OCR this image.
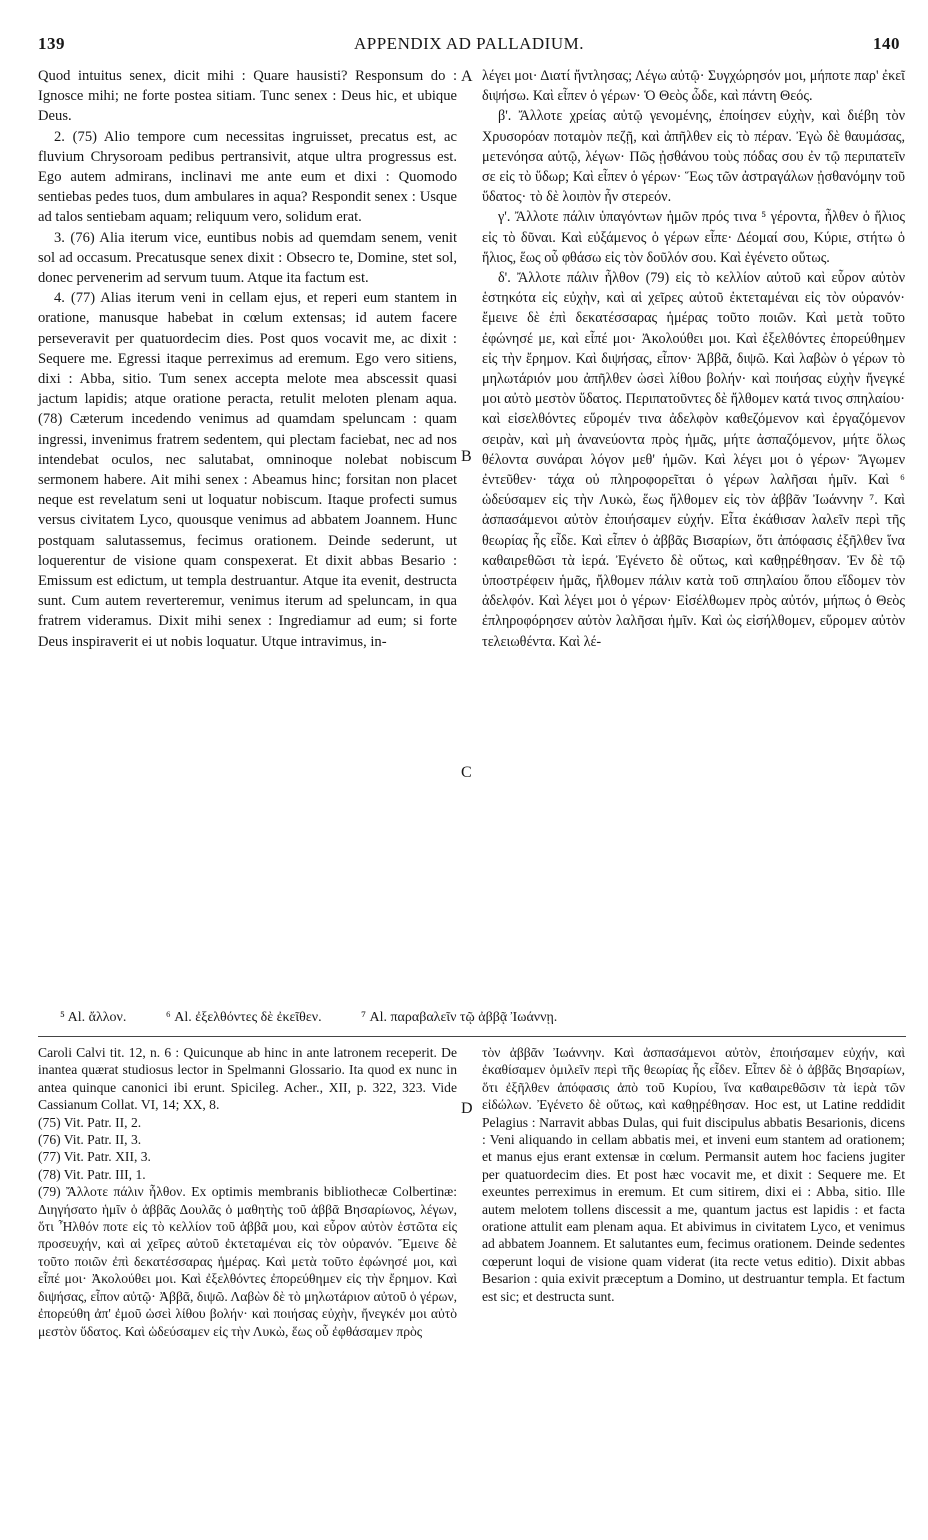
139	APPENDIX AD PALLADIUM.	140

Quod intuitus senex, dicit mihi : Quare hausisti? Responsum do : Ignosce mihi; ne forte postea sitiam. Tunc senex : Deus hic, et ubique Deus.

2. (75) Alio tempore cum necessitas ingruisset, precatus est, ac fluvium Chrysoroam pedibus pertransivit, atque ultra progressus est. Ego autem admirans, inclinavi me ante eum et dixi : Quomodo sentiebas pedes tuos, dum ambulares in aqua? Respondit senex : Usque ad talos sentiebam aquam; reliquum vero, solidum erat.

3. (76) Alia iterum vice, euntibus nobis ad quemdam senem, venit sol ad occasum. Precatusque senex dixit : Obsecro te, Domine, stet sol, donec pervenerim ad servum tuum. Atque ita factum est.

4. (77) Alias iterum veni in cellam ejus, et reperi eum stantem in oratione, manusque habebat in cœlum extensas; id autem facere perseveravit per quatuordecim dies. Post quos vocavit me, ac dixit : Sequere me. Egressi itaque perreximus ad eremum. Ego vero sitiens, dixi : Abba, sitio. Tum senex accepta melote mea abscessit quasi jactum lapidis; atque oratione peracta, retulit meloten plenam aqua. (78) Cæterum incedendo venimus ad quamdam speluncam : quam ingressi, invenimus fratrem sedentem, qui plectam faciebat, nec ad nos intendebat oculos, nec salutabat, omninoque nolebat nobiscum sermonem habere. Ait mihi senex : Abeamus hinc; forsitan non placet neque est revelatum seni ut loquatur nobiscum. Itaque profecti sumus versus civitatem Lyco, quousque venimus ad abbatem Joannem. Hunc postquam salutassemus, fecimus orationem. Deinde sederunt, ut loquerentur de visione quam conspexerat. Et dixit abbas Besario : Emissum est edictum, ut templa destruantur. Atque ita evenit, destructa sunt. Cum autem reverteremur, venimus iterum ad speluncam, in qua fratrem videramus. Dixit mihi senex : Ingrediamur ad eum; si forte Deus inspiraverit ei ut nobis loquatur. Utque intravimus, in-

A
B
C
D

λέγει μοι· Διατί ἤντλησας; Λέγω αὐτῷ· Συγχώρησόν μοι, μήποτε παρ' ἐκεῖ διψήσω. Καὶ εἶπεν ὁ γέρων· Ὁ Θεὸς ὧδε, καὶ πάντη Θεός.

β'. Ἄλλοτε χρείας αὐτῷ γενομένης, ἐποίησεν εὐχὴν, καὶ διέβη τὸν Χρυσορόαν ποταμὸν πεζῇ, καὶ ἀπῆλθεν εἰς τὸ πέραν. Ἐγὼ δὲ θαυμάσας, μετενόησα αὐτῷ, λέγων· Πῶς ᾐσθάνου τοὺς πόδας σου ἐν τῷ περιπατεῖν σε εἰς τὸ ὕδωρ; Καὶ εἶπεν ὁ γέρων· Ἕως τῶν ἀστραγάλων ᾐσθανόμην τοῦ ὕδατος· τὸ δὲ λοιπὸν ἦν στερεόν.

γ'. Ἄλλοτε πάλιν ὑπαγόντων ἡμῶν πρός τινα ⁵ γέροντα, ἦλθεν ὁ ἥλιος εἰς τὸ δῦναι. Καὶ εὐξάμενος ὁ γέρων εἶπε· Δέομαί σου, Κύριε, στήτω ὁ ἥλιος, ἕως οὗ φθάσω εἰς τὸν δοῦλόν σου. Καὶ ἐγένετο οὕτως.

δ'. Ἄλλοτε πάλιν ἦλθον (79) εἰς τὸ κελλίον αὐτοῦ καὶ εὗρον αὐτὸν ἑστηκότα εἰς εὐχὴν, καὶ αἱ χεῖρες αὐτοῦ ἐκτεταμέναι εἰς τὸν οὐρανόν· ἔμεινε δὲ ἐπὶ δεκατέσσαρας ἡμέρας τοῦτο ποιῶν. Καὶ μετὰ τοῦτο ἐφώνησέ με, καὶ εἶπέ μοι· Ἀκολούθει μοι. Καὶ ἐξελθόντες ἐπορεύθημεν εἰς τὴν ἔρημον. Καὶ διψήσας, εἶπον· Ἀββᾶ, διψῶ. Καὶ λαβὼν ὁ γέρων τὸ μηλωτάριόν μου ἀπῆλθεν ὡσεὶ λίθου βολήν· καὶ ποιήσας εὐχὴν ἤνεγκέ μοι αὐτὸ μεστὸν ὕδατος. Περιπατοῦντες δὲ ἤλθομεν κατά τινος σπηλαίου· καὶ εἰσελθόντες εὕρομέν τινα ἀδελφὸν καθεζόμενον καὶ ἐργαζόμενον σειρὰν, καὶ μὴ ἀνανεύοντα πρὸς ἡμᾶς, μήτε ἀσπαζόμενον, μήτε ὅλως θέλοντα συνάραι λόγον μεθ' ἡμῶν. Καὶ λέγει μοι ὁ γέρων· Ἄγωμεν ἐντεῦθεν· τάχα οὐ πληροφορεῖται ὁ γέρων λαλῆσαι ἡμῖν. Καὶ ⁶ ὡδεύσαμεν εἰς τὴν Λυκὼ, ἕως ἤλθομεν εἰς τὸν ἀββᾶν Ἰωάννην ⁷. Καὶ ἀσπασάμενοι αὐτὸν ἐποιήσαμεν εὐχήν. Εἶτα ἐκάθισαν λαλεῖν περὶ τῆς θεωρίας ἧς εἶδε. Καὶ εἶπεν ὁ ἀββᾶς Βισαρίων, ὅτι ἀπόφασις ἐξῆλθεν ἵνα καθαιρεθῶσι τὰ ἱερά. Ἐγένετο δὲ οὕτως, καὶ καθῃρέθησαν. Ἐν δὲ τῷ ὑποστρέφειν ἡμᾶς, ἤλθομεν πάλιν κατὰ τοῦ σπηλαίου ὅπου εἴδομεν τὸν ἀδελφόν. Καὶ λέγει μοι ὁ γέρων· Εἰσέλθωμεν πρὸς αὐτόν, μήπως ὁ Θεὸς ἐπληροφόρησεν αὐτὸν λαλῆσαι ἡμῖν. Καὶ ὡς εἰσήλθομεν, εὕρομεν αὐτὸν τελειωθέντα. Καὶ λέ-

⁵ Al. ἄλλον.	⁶ Al. ἐξελθόντες δὲ ἐκεῖθεν.	⁷ Al. παραβαλεῖν τῷ ἀββᾷ Ἰωάννῃ.

Caroli Calvi tit. 12, n. 6 : Quicunque ab hinc in ante latronem receperit. De inantea quærat studiosus lector in Spelmanni Glossario. Ita quod ex nunc in antea quinque canonici ibi erunt. Spicileg. Acher., XII, p. 322, 323. Vide Cassianum Collat. VI, 14; XX, 8.

(75) Vit. Patr. II, 2.

(76) Vit. Patr. II, 3.

(77) Vit. Patr. XII, 3.

(78) Vit. Patr. III, 1.

(79) Ἄλλοτε πάλιν ἦλθον. Ex optimis membranis bibliothecæ Colbertinæ: Διηγήσατο ἡμῖν ὁ ἀββᾶς Δουλᾶς ὁ μαθητὴς τοῦ ἀββᾶ Βησαρίωνος, λέγων, ὅτι Ἦλθόν ποτε εἰς τὸ κελλίον τοῦ ἀββᾶ μου, καὶ εὗρον αὐτὸν ἑστῶτα εἰς προσευχήν, καὶ αἱ χεῖρες αὐτοῦ ἐκτεταμέναι εἰς τὸν οὐρανόν. Ἔμεινε δὲ τοῦτο ποιῶν ἐπὶ δεκατέσσαρας ἡμέρας. Καὶ μετὰ τοῦτο ἐφώνησέ μοι, καὶ εἶπέ μοι· Ἀκολούθει μοι. Καὶ ἐξελθόντες ἐπορεύθημεν εἰς τὴν ἔρημον. Καὶ διψήσας, εἶπον αὐτῷ· Ἀββᾶ, διψῶ. Λαβὼν δὲ τὸ μηλωτάριον αὐτοῦ ὁ γέρων, ἐπορεύθη ἀπ' ἐμοῦ ὡσεὶ λίθου βολήν· καὶ ποιήσας εὐχὴν, ἤνεγκέν μοι αὐτὸ μεστὸν ὕδατος. Καὶ ὡδεύσαμεν εἰς τὴν Λυκὼ, ἕως οὗ ἐφθάσαμεν πρὸς

τὸν ἀββᾶν Ἰωάννην. Καὶ ἀσπασάμενοι αὐτὸν, ἐποιήσαμεν εὐχήν, καὶ ἐκαθίσαμεν ὁμιλεῖν περὶ τῆς θεωρίας ἧς εἶδεν. Εἶπεν δὲ ὁ ἀββᾶς Βησαρίων, ὅτι ἐξῆλθεν ἀπόφασις ἀπὸ τοῦ Κυρίου, ἵνα καθαιρεθῶσιν τὰ ἱερὰ τῶν εἰδώλων. Ἐγένετο δὲ οὕτως, καὶ καθῃρέθησαν. Hoc est, ut Latine reddidit Pelagius : Narravit abbas Dulas, qui fuit discipulus abbatis Besarionis, dicens : Veni aliquando in cellam abbatis mei, et inveni eum stantem ad orationem; et manus ejus erant extensæ in cœlum. Permansit autem hoc faciens jugiter per quatuordecim dies. Et post hæc vocavit me, et dixit : Sequere me. Et exeuntes perreximus in eremum. Et cum sitirem, dixi ei : Abba, sitio. Ille autem melotem tollens discessit a me, quantum jactus est lapidis : et facta oratione attulit eam plenam aqua. Et abivimus in civitatem Lyco, et venimus ad abbatem Joannem. Et salutantes eum, fecimus orationem. Deinde sedentes cœperunt loqui de visione quam viderat (ita recte vetus editio). Dixit abbas Besarion : quia exivit præceptum a Domino, ut destruantur templa. Et factum est sic; et destructa sunt.
